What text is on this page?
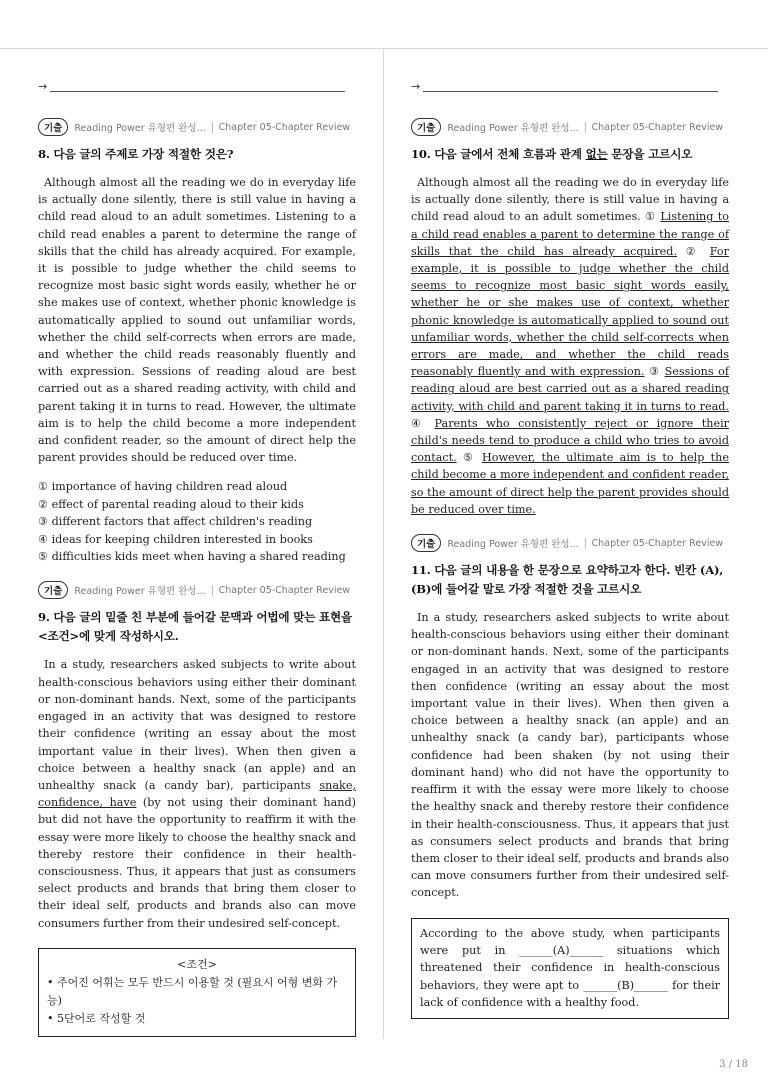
→
기출	Reading Power 유형편 완성... Chapter 05-Chapter Review
8. 다음 글의 주제로 가장 적절한 것은?
Although almost all the reading we do in everyday life is actually done silently, there is still value in having a child read aloud to an adult sometimes. Listening to a child read enables a parent to determine the range of skills that the child has already acquired. For example, it is possible to judge whether the child seems to recognize most basic sight words easily, whether he or she makes use of context, whether phonic knowledge is automatically applied to sound out unfamiliar words, whether the child self-corrects when errors are made, and whether the child reads reasonably fluently and with expression. Sessions of reading aloud are best carried out as a shared reading activity, with child and parent taking it in turns to read. However, the ultimate aim is to help the child become a more independent and confident reader, so the amount of direct help the parent provides should be reduced over time.
① importance of having children read aloud
② effect of parental reading aloud to their kids
③ different factors that affect children's reading
④ ideas for keeping children interested in books
⑤ difficulties kids meet when having a shared reading
기출	Reading Power 유형편 완성... Chapter 05-Chapter Review
9. 다음 글의 밑줄 친 부분에 들어갈 문맥과 어법에 맞는 표현을 <조건>에 맞게 작성하시오.
In a study, researchers asked subjects to write about health-conscious behaviors using either their dominant or non-dominant hands. Next, some of the participants engaged in an activity that was designed to restore their confidence (writing an essay about the most important value in their lives). When then given a choice between a healthy snack (an apple) and an unhealthy snack (a candy bar), participants snake, confidence, have (by not using their dominant hand) but did not have the opportunity to reaffirm it with the essay were more likely to choose the healthy snack and thereby restore their confidence in their health-consciousness. Thus, it appears that just as consumers select products and brands that bring them closer to their ideal self, products and brands also can move consumers further from their undesired self-concept.
<조건>
• 주어진 어휘는 모두 반드시 이용할 것 (필요시 어형 변화 가능)
• 5단어로 작성할 것
→
기출	Reading Power 유형편 완성... Chapter 05-Chapter Review
10. 다음 글에서 전체 흐름과 관계 없는 문장을 고르시오
Although almost all the reading we do in everyday life is actually done silently, there is still value in having a child read aloud to an adult sometimes. ① Listening to a child read enables a parent to determine the range of skills that the child has already acquired. ② For example, it is possible to judge whether the child seems to recognize most basic sight words easily, whether he or she makes use of context, whether phonic knowledge is automatically applied to sound out unfamiliar words, whether the child self-corrects when errors are made, and whether the child reads reasonably fluently and with expression. ③ Sessions of reading aloud are best carried out as a shared reading activity, with child and parent taking it in turns to read. ④ Parents who consistently reject or ignore their child's needs tend to produce a child who tries to avoid contact. ⑤ However, the ultimate aim is to help the child become a more independent and confident reader, so the amount of direct help the parent provides should be reduced over time.
기출	Reading Power 유형편 완성... Chapter 05-Chapter Review
11. 다음 글의 내용을 한 문장으로 요약하고자 한다. 빈칸 (A), (B)에 들어갈 말로 가장 적절한 것을 고르시오
In a study, researchers asked subjects to write about health-conscious behaviors using either their dominant or non-dominant hands. Next, some of the participants engaged in an activity that was designed to restore then confidence (writing an essay about the most important value in their lives). When then given a choice between a healthy snack (an apple) and an unhealthy snack (a candy bar), participants whose confidence had been shaken (by not using their dominant hand) who did not have the opportunity to reaffirm it with the essay were more likely to choose the healthy snack and thereby restore their confidence in their health-consciousness. Thus, it appears that just as consumers select products and brands that bring them closer to their ideal self, products and brands also can move consumers further from their undesired self-concept.
According to the above study, when participants were put in ______(A)______ situations which threatened their confidence in health-conscious behaviors, they were apt to ______(B)______ for their lack of confidence with a healthy food.
3 / 18
